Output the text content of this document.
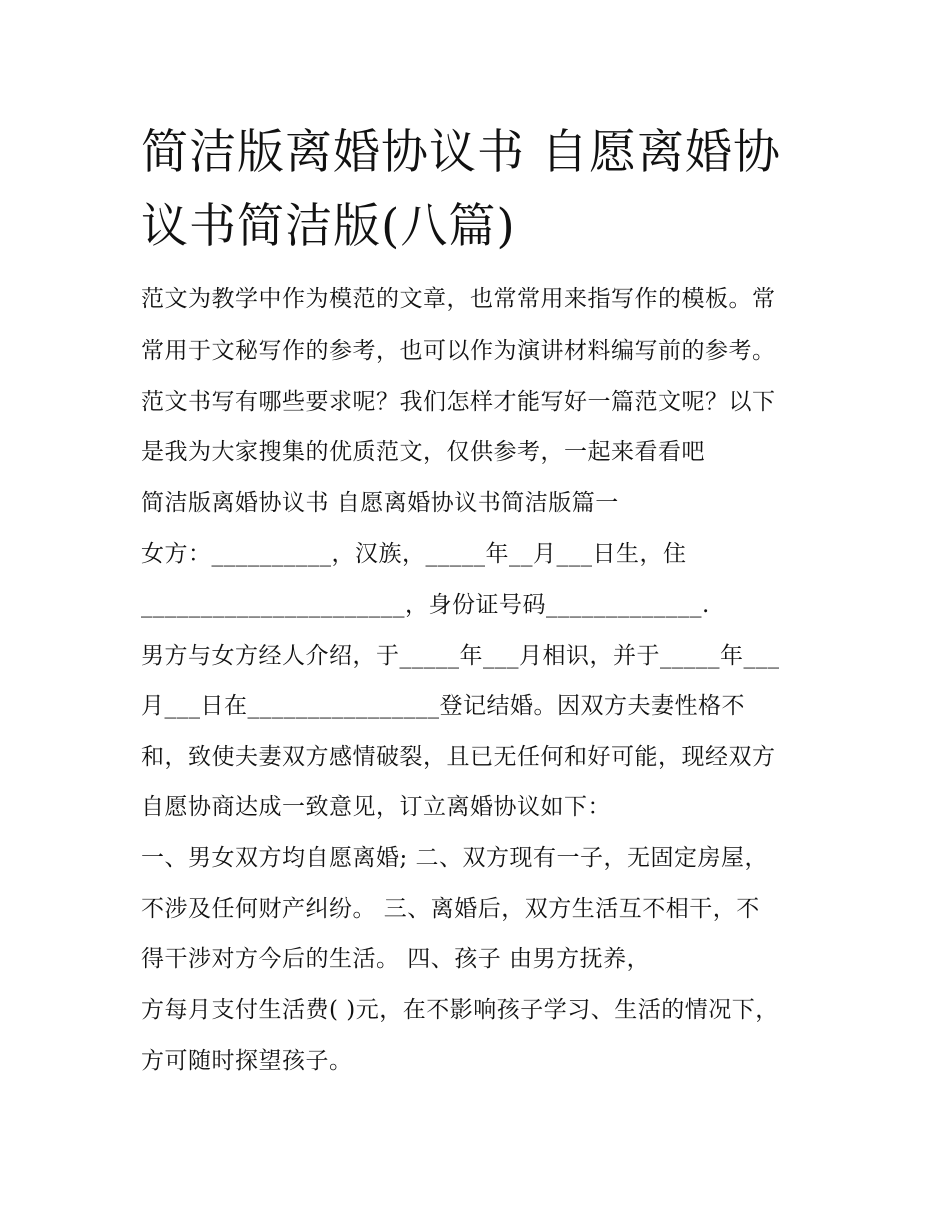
简洁版离婚协议书 自愿离婚协
议书简洁版(八篇)

范文为教学中作为模范的文章，也常常用来指写作的模板。常

常用于文秘写作的参考，也可以作为演讲材料编写前的参考。

范文书写有哪些要求呢？我们怎样才能写好一篇范文呢？以下

是我为大家搜集的优质范文，仅供参考，一起来看看吧

简洁版离婚协议书 自愿离婚协议书简洁版篇一

女方：__________，汉族，_____年__月___日生，住

______________________，身份证号码_____________.

男方与女方经人介绍，于_____年___月相识，并于_____年___

月___日在________________登记结婚。因双方夫妻性格不

和，致使夫妻双方感情破裂，且已无任何和好可能，现经双方

自愿协商达成一致意见，订立离婚协议如下：

一、男女双方均自愿离婚; 二、双方现有一子，无固定房屋，

不涉及任何财产纠纷。 三、离婚后，双方生活互不相干，不

得干涉对方今后的生活。 四、孩子 由男方抚养，

方每月支付生活费( )元，在不影响孩子学习、生活的情况下，

方可随时探望孩子。
